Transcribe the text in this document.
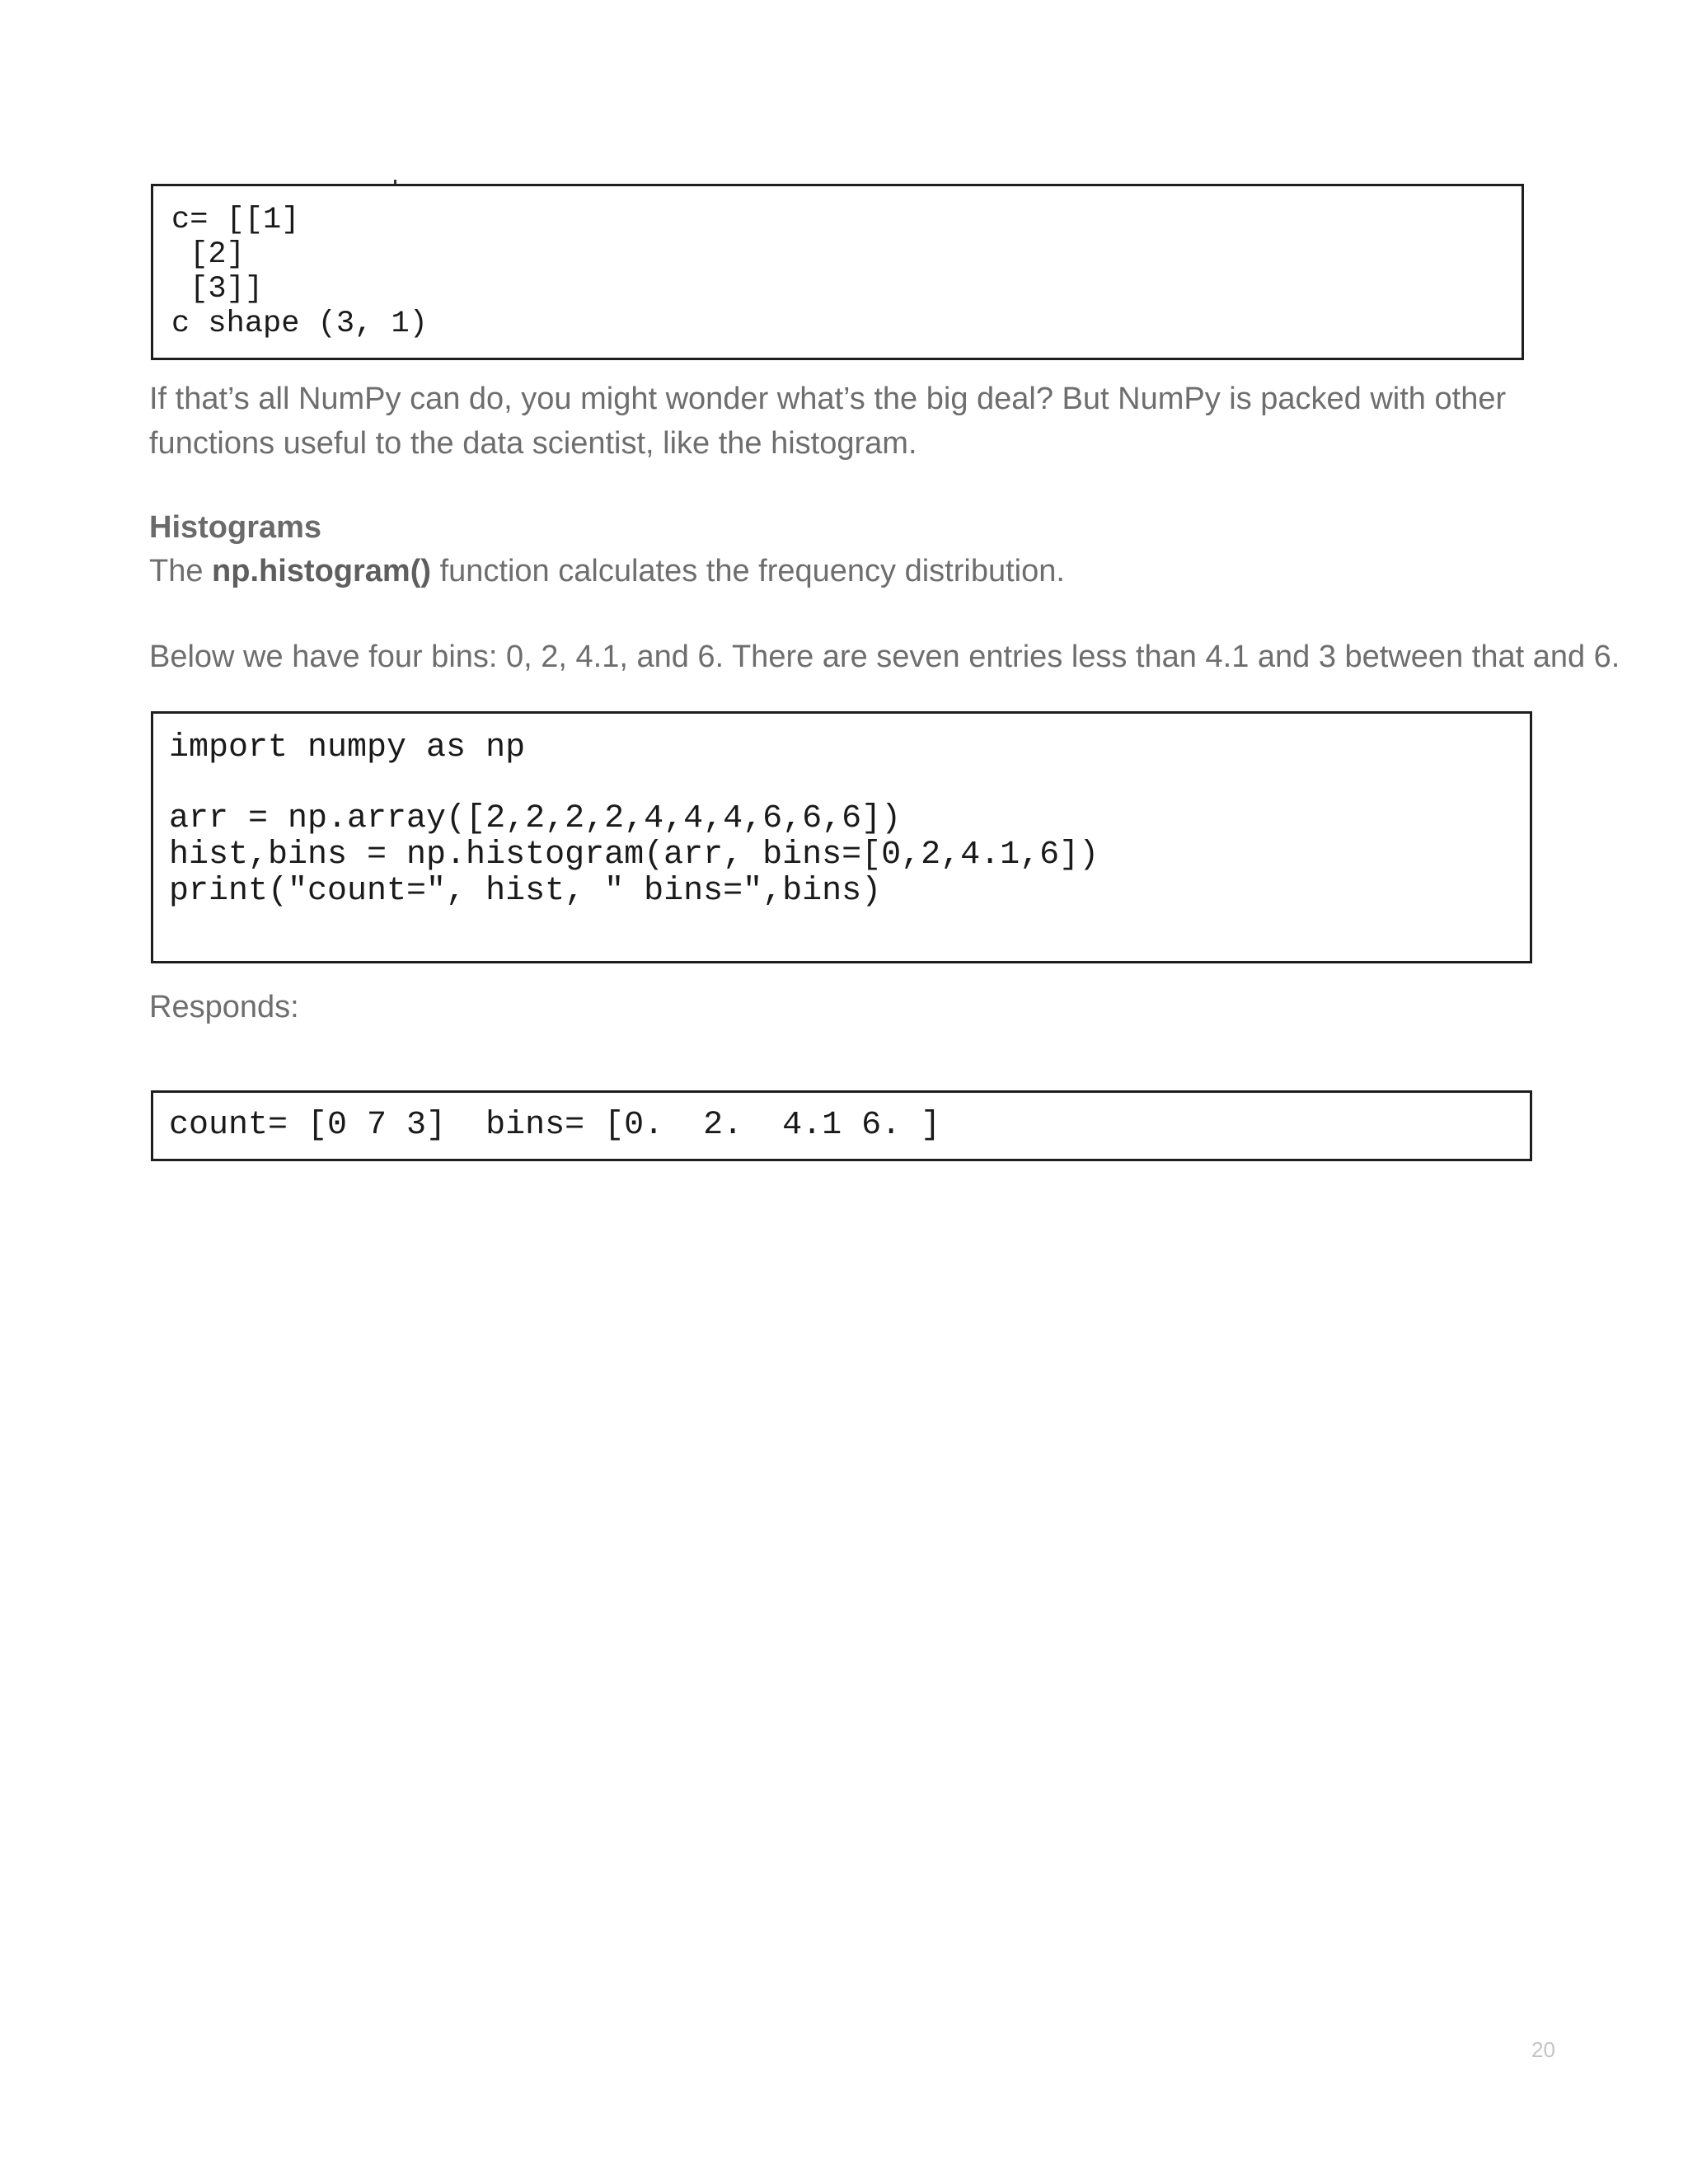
c= [[1]
[2]
[3]]
c shape (3, 1)

If that’s all NumPy can do, you might wonder what’s the big deal? But NumPy is packed with other

functions useful to the data scientist, like the histogram.

Histograms

The np.histogram() function calculates the frequency distribution.

Below we have four bins: 0, 2, 4.1, and 6. There are seven entries less than 4.1 and 3 between that and 6.

import numpy as np
arr = np.array([2,2,2,2,4,4,4,6,6,6])
hist,bins = np.histogram(arr, bins=[0,2,4.1,6])
print("count=", hist, " bins=",bins)

Responds:

count= [0 7 3]  bins= [0.  2.  4.1 6. ]
20
